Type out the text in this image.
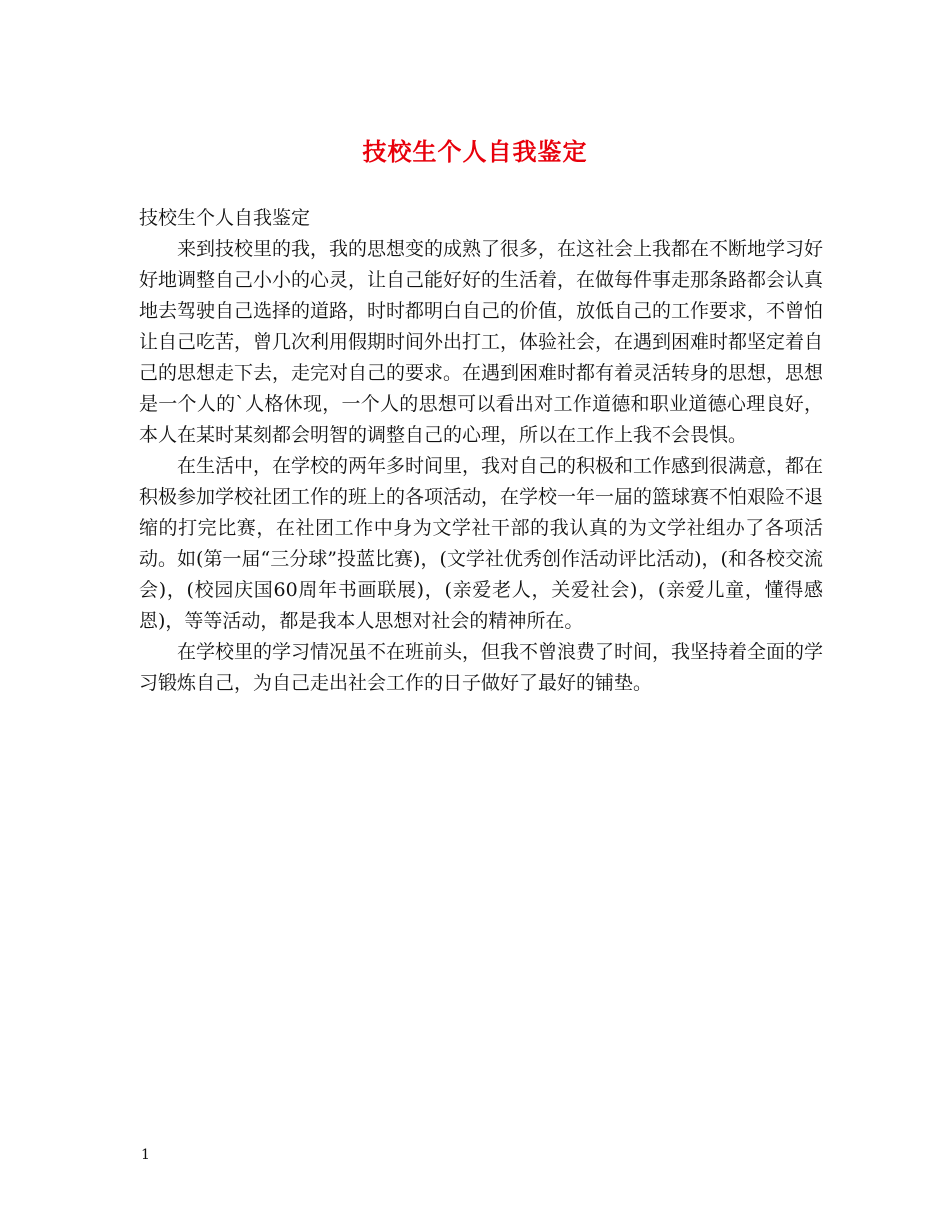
技校生个人自我鉴定

技校生个人自我鉴定

来到技校里的我，我的思想变的成熟了很多，在这社会上我都在不断地学习好好地调整自己小小的心灵，让自己能好好的生活着，在做每件事走那条路都会认真地去驾驶自己选择的道路，时时都明白自己的价值，放低自己的工作要求，不曾怕让自己吃苦，曾几次利用假期时间外出打工，体验社会，在遇到困难时都坚定着自己的思想走下去，走完对自己的要求。在遇到困难时都有着灵活转身的思想，思想是一个人的`人格休现，一个人的思想可以看出对工作道德和职业道德心理良好，本人在某时某刻都会明智的调整自己的心理，所以在工作上我不会畏惧。

在生活中，在学校的两年多时间里，我对自己的积极和工作感到很满意，都在积极参加学校社团工作的班上的各项活动，在学校一年一届的篮球赛不怕艰险不退缩的打完比赛，在社团工作中身为文学社干部的我认真的为文学社组办了各项活动。如(第一届“三分球”投蓝比赛)，(文学社优秀创作活动评比活动)，(和各校交流会)，(校园庆国60周年书画联展)，(亲爱老人，关爱社会)，(亲爱儿童，懂得感恩)，等等活动，都是我本人思想对社会的精神所在。

在学校里的学习情况虽不在班前头，但我不曾浪费了时间，我坚持着全面的学习锻炼自己，为自己走出社会工作的日子做好了最好的铺垫。

1
